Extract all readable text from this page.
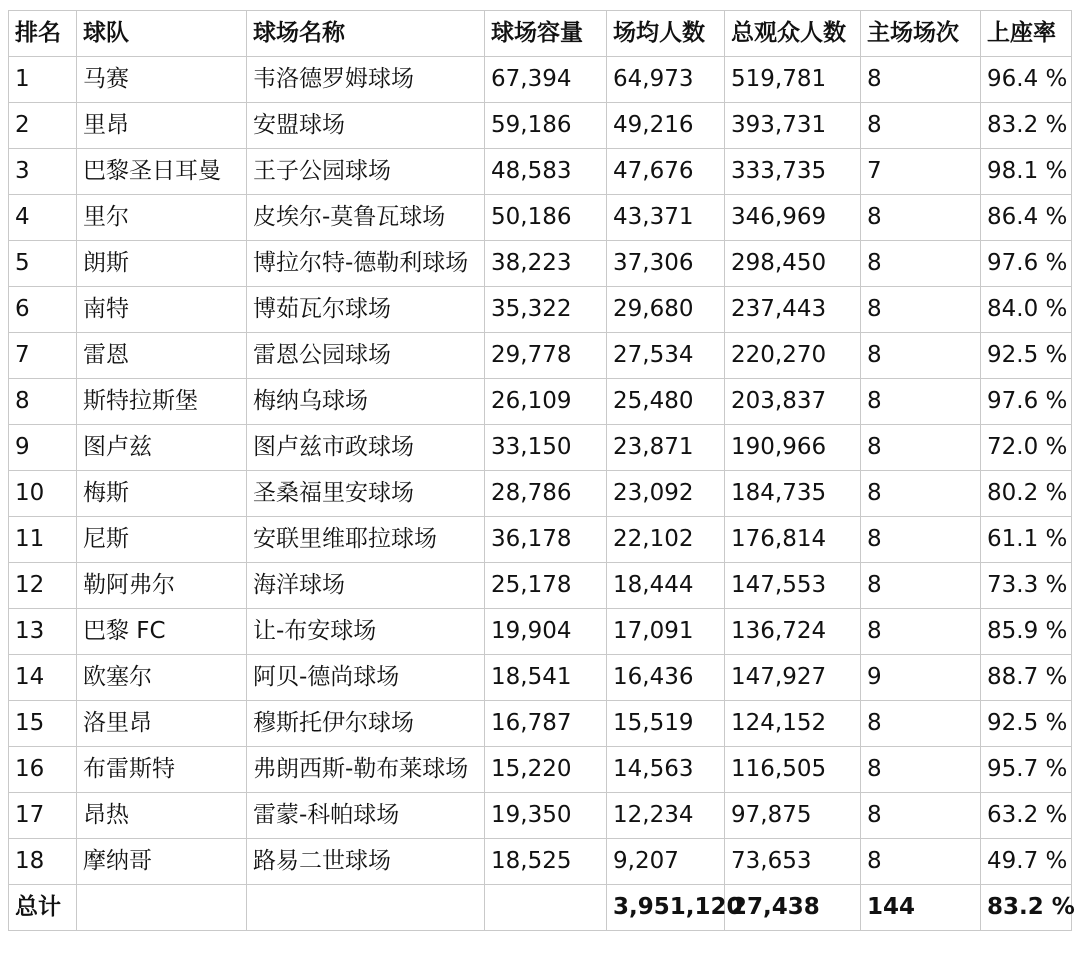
排名	球队	球场名称	球场容量	场均人数	总观众人数	主场场次	上座率
1	马赛	韦洛德罗姆球场	67,394	64,973	519,781	8	96.4 %
2	里昂	安盟球场	59,186	49,216	393,731	8	83.2 %
3	巴黎圣日耳曼	王子公园球场	48,583	47,676	333,735	7	98.1 %
4	里尔	皮埃尔-莫鲁瓦球场	50,186	43,371	346,969	8	86.4 %
5	朗斯	博拉尔特-德勒利球场	38,223	37,306	298,450	8	97.6 %
6	南特	博茹瓦尔球场	35,322	29,680	237,443	8	84.0 %
7	雷恩	雷恩公园球场	29,778	27,534	220,270	8	92.5 %
8	斯特拉斯堡	梅纳乌球场	26,109	25,480	203,837	8	97.6 %
9	图卢兹	图卢兹市政球场	33,150	23,871	190,966	8	72.0 %
10	梅斯	圣桑福里安球场	28,786	23,092	184,735	8	80.2 %
11	尼斯	安联里维耶拉球场	36,178	22,102	176,814	8	61.1 %
12	勒阿弗尔	海洋球场	25,178	18,444	147,553	8	73.3 %
13	巴黎 FC	让-布安球场	19,904	17,091	136,724	8	85.9 %
14	欧塞尔	阿贝-德尚球场	18,541	16,436	147,927	9	88.7 %
15	洛里昂	穆斯托伊尔球场	16,787	15,519	124,152	8	92.5 %
16	布雷斯特	弗朗西斯-勒布莱球场	15,220	14,563	116,505	8	95.7 %
17	昂热	雷蒙-科帕球场	19,350	12,234	97,875	8	63.2 %
18	摩纳哥	路易二世球场	18,525	9,207	73,653	8	49.7 %
总计				3,951,120	27,438	144	83.2 %
